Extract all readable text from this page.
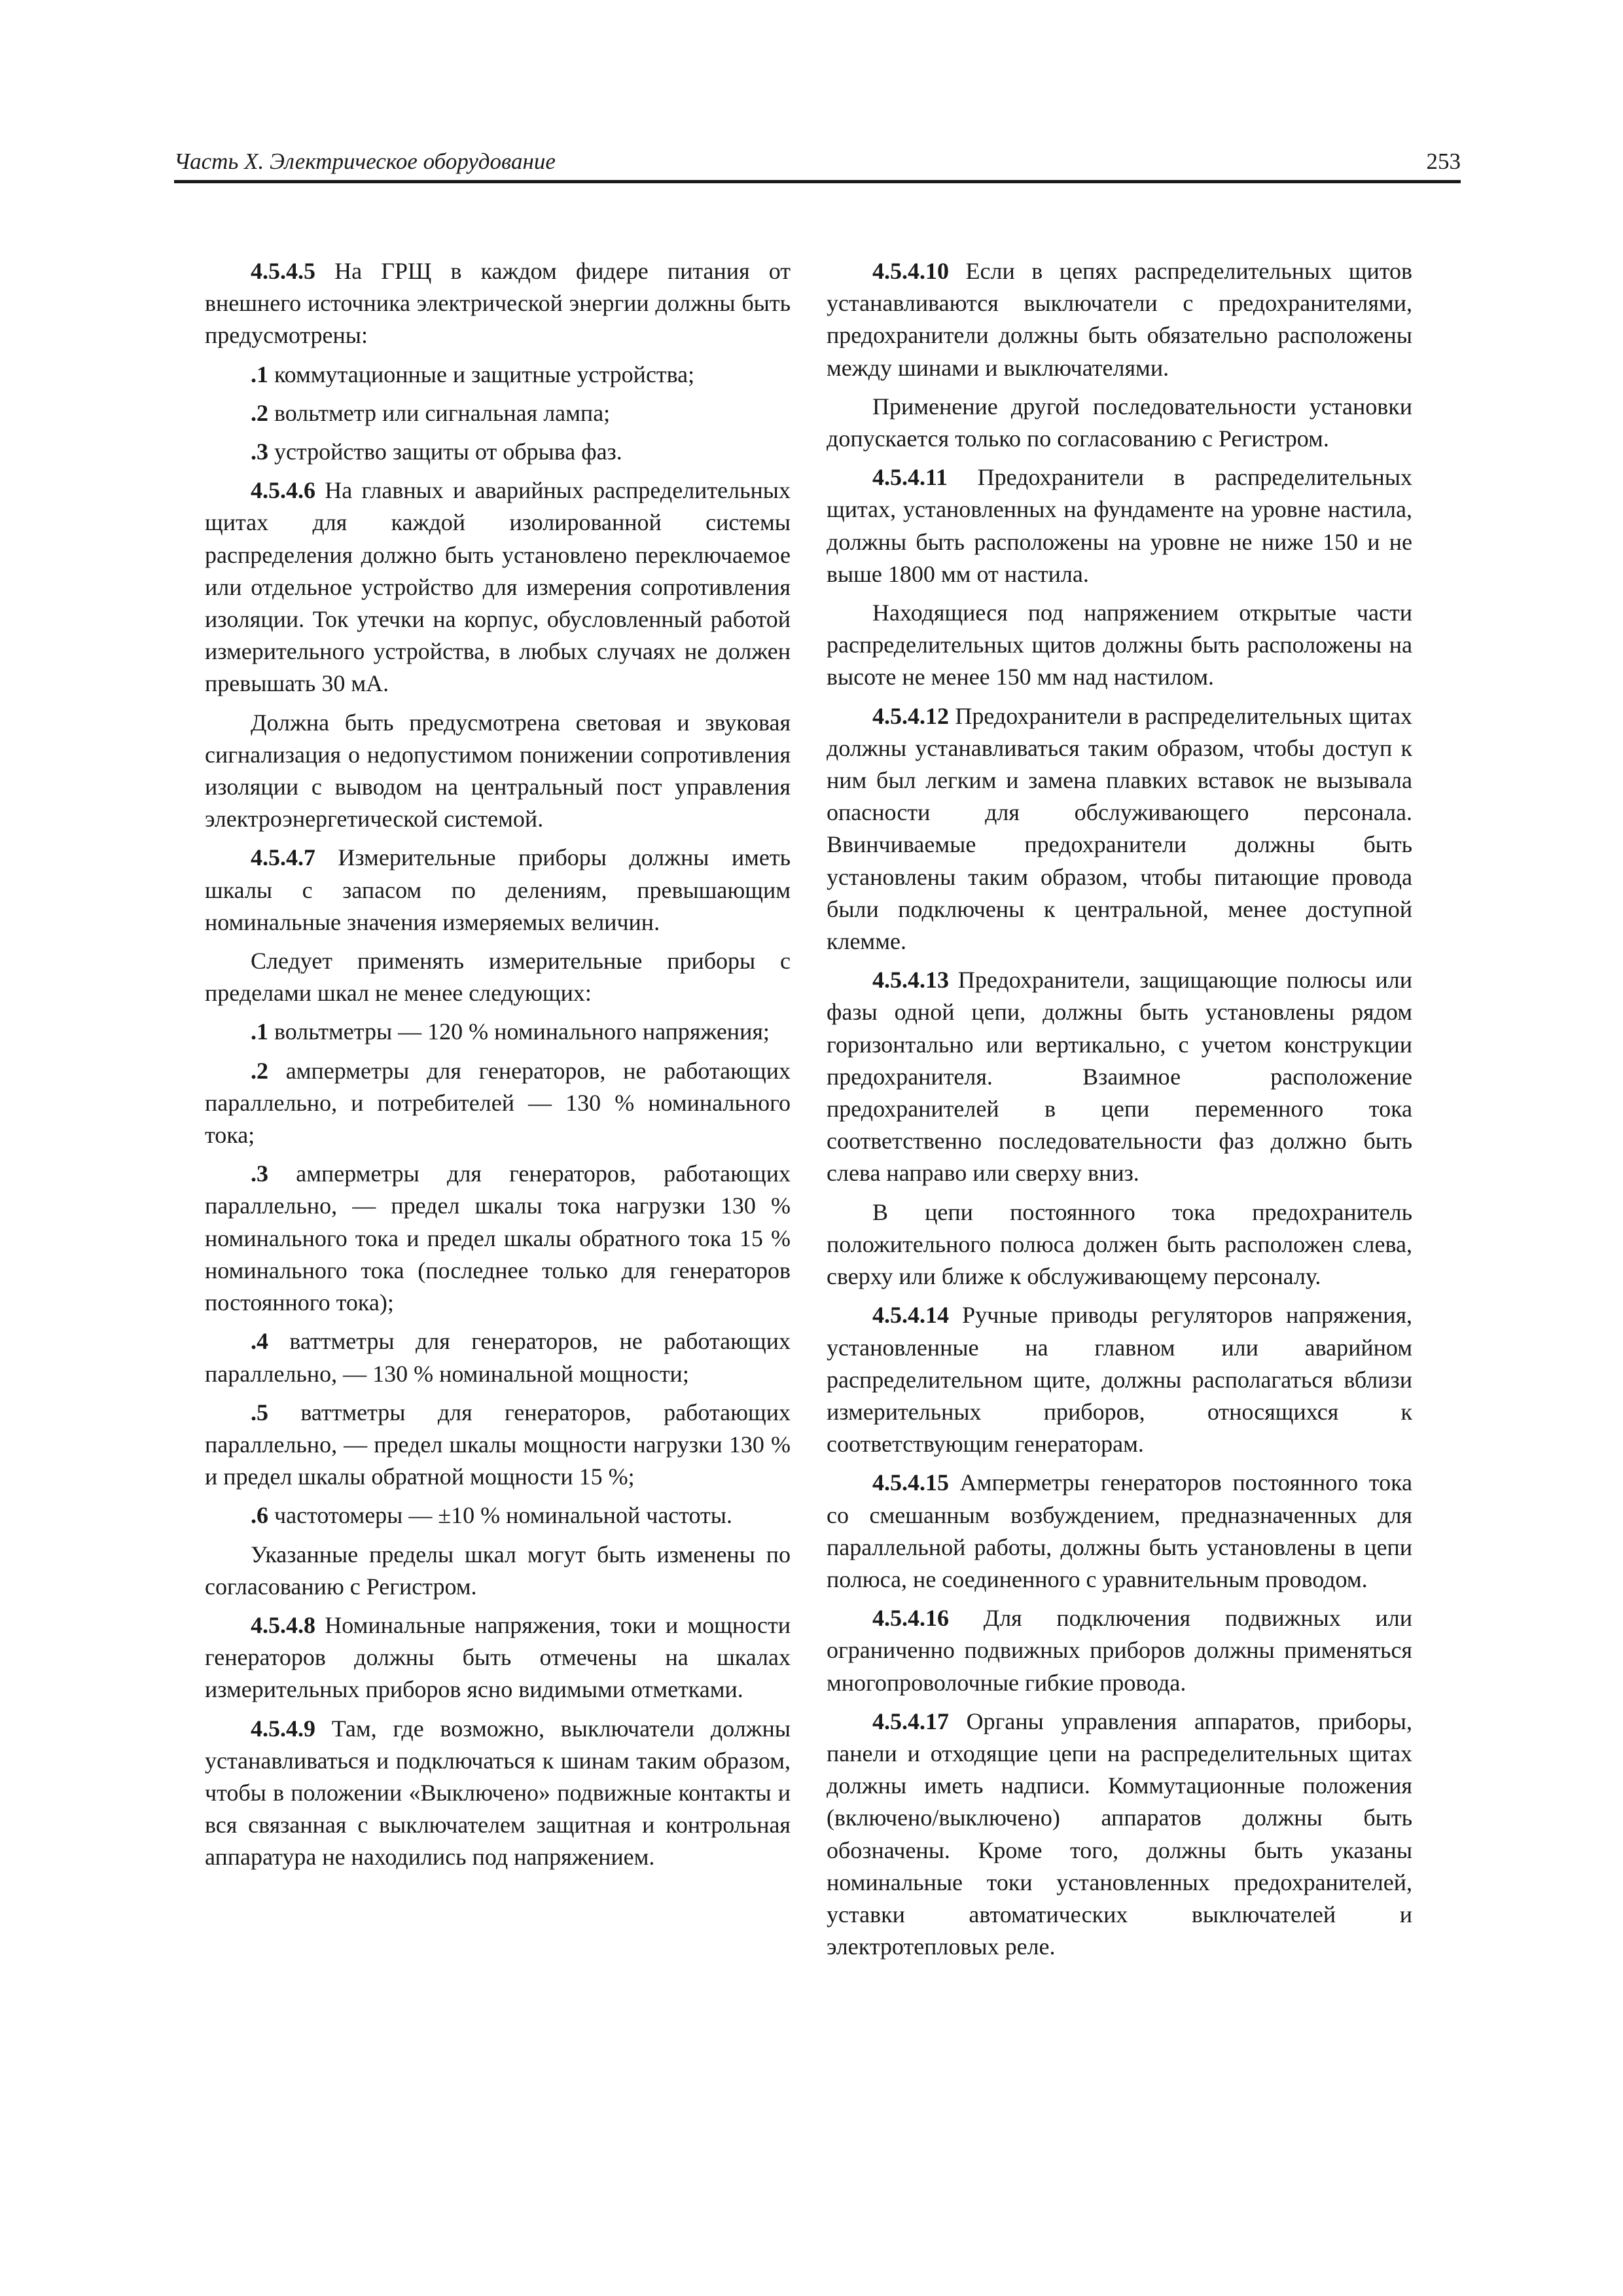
Часть X. Электрическое оборудование	253

4.5.4.5 На ГРЩ в каждом фидере питания от внешнего источника электрической энергии должны быть предусмотрены:

.1 коммутационные и защитные устройства;

.2 вольтметр или сигнальная лампа;

.3 устройство защиты от обрыва фаз.

4.5.4.6 На главных и аварийных распределительных щитах для каждой изолированной системы распределения должно быть установлено переключаемое или отдельное устройство для измерения сопротивления изоляции. Ток утечки на корпус, обусловленный работой измерительного устройства, в любых случаях не должен превышать 30 мА.

Должна быть предусмотрена световая и звуковая сигнализация о недопустимом понижении сопротивления изоляции с выводом на центральный пост управления электроэнергетической системой.

4.5.4.7 Измерительные приборы должны иметь шкалы с запасом по делениям, превышающим номинальные значения измеряемых величин.

Следует применять измерительные приборы с пределами шкал не менее следующих:

.1 вольтметры — 120 % номинального напряжения;

.2 амперметры для генераторов, не работающих параллельно, и потребителей — 130 % номинального тока;

.3 амперметры для генераторов, работающих параллельно, — предел шкалы тока нагрузки 130 % номинального тока и предел шкалы обратного тока 15 % номинального тока (последнее только для генераторов постоянного тока);

.4 ваттметры для генераторов, не работающих параллельно, — 130 % номинальной мощности;

.5 ваттметры для генераторов, работающих параллельно, — предел шкалы мощности нагрузки 130 % и предел шкалы обратной мощности 15 %;

.6 частотомеры — ±10 % номинальной частоты.

Указанные пределы шкал могут быть изменены по согласованию с Регистром.

4.5.4.8 Номинальные напряжения, токи и мощности генераторов должны быть отмечены на шкалах измерительных приборов ясно видимыми отметками.

4.5.4.9 Там, где возможно, выключатели должны устанавливаться и подключаться к шинам таким образом, чтобы в положении «Выключено» подвижные контакты и вся связанная с выключателем защитная и контрольная аппаратура не находились под напряжением.

4.5.4.10 Если в цепях распределительных щитов устанавливаются выключатели с предохранителями, предохранители должны быть обязательно расположены между шинами и выключателями.

Применение другой последовательности установки допускается только по согласованию с Регистром.

4.5.4.11 Предохранители в распределительных щитах, установленных на фундаменте на уровне настила, должны быть расположены на уровне не ниже 150 и не выше 1800 мм от настила.

Находящиеся под напряжением открытые части распределительных щитов должны быть расположены на высоте не менее 150 мм над настилом.

4.5.4.12 Предохранители в распределительных щитах должны устанавливаться таким образом, чтобы доступ к ним был легким и замена плавких вставок не вызывала опасности для обслуживающего персонала. Ввинчиваемые предохранители должны быть установлены таким образом, чтобы питающие провода были подключены к центральной, менее доступной клемме.

4.5.4.13 Предохранители, защищающие полюсы или фазы одной цепи, должны быть установлены рядом горизонтально или вертикально, с учетом конструкции предохранителя. Взаимное расположение предохранителей в цепи переменного тока соответственно последовательности фаз должно быть слева направо или сверху вниз.

В цепи постоянного тока предохранитель положительного полюса должен быть расположен слева, сверху или ближе к обслуживающему персоналу.

4.5.4.14 Ручные приводы регуляторов напряжения, установленные на главном или аварийном распределительном щите, должны располагаться вблизи измерительных приборов, относящихся к соответствующим генераторам.

4.5.4.15 Амперметры генераторов постоянного тока со смешанным возбуждением, предназначенных для параллельной работы, должны быть установлены в цепи полюса, не соединенного с уравнительным проводом.

4.5.4.16 Для подключения подвижных или ограниченно подвижных приборов должны применяться многопроволочные гибкие провода.

4.5.4.17 Органы управления аппаратов, приборы, панели и отходящие цепи на распределительных щитах должны иметь надписи. Коммутационные положения (включено/выключено) аппаратов должны быть обозначены. Кроме того, должны быть указаны номинальные токи установленных предохранителей, уставки автоматических выключателей и электротепловых реле.
